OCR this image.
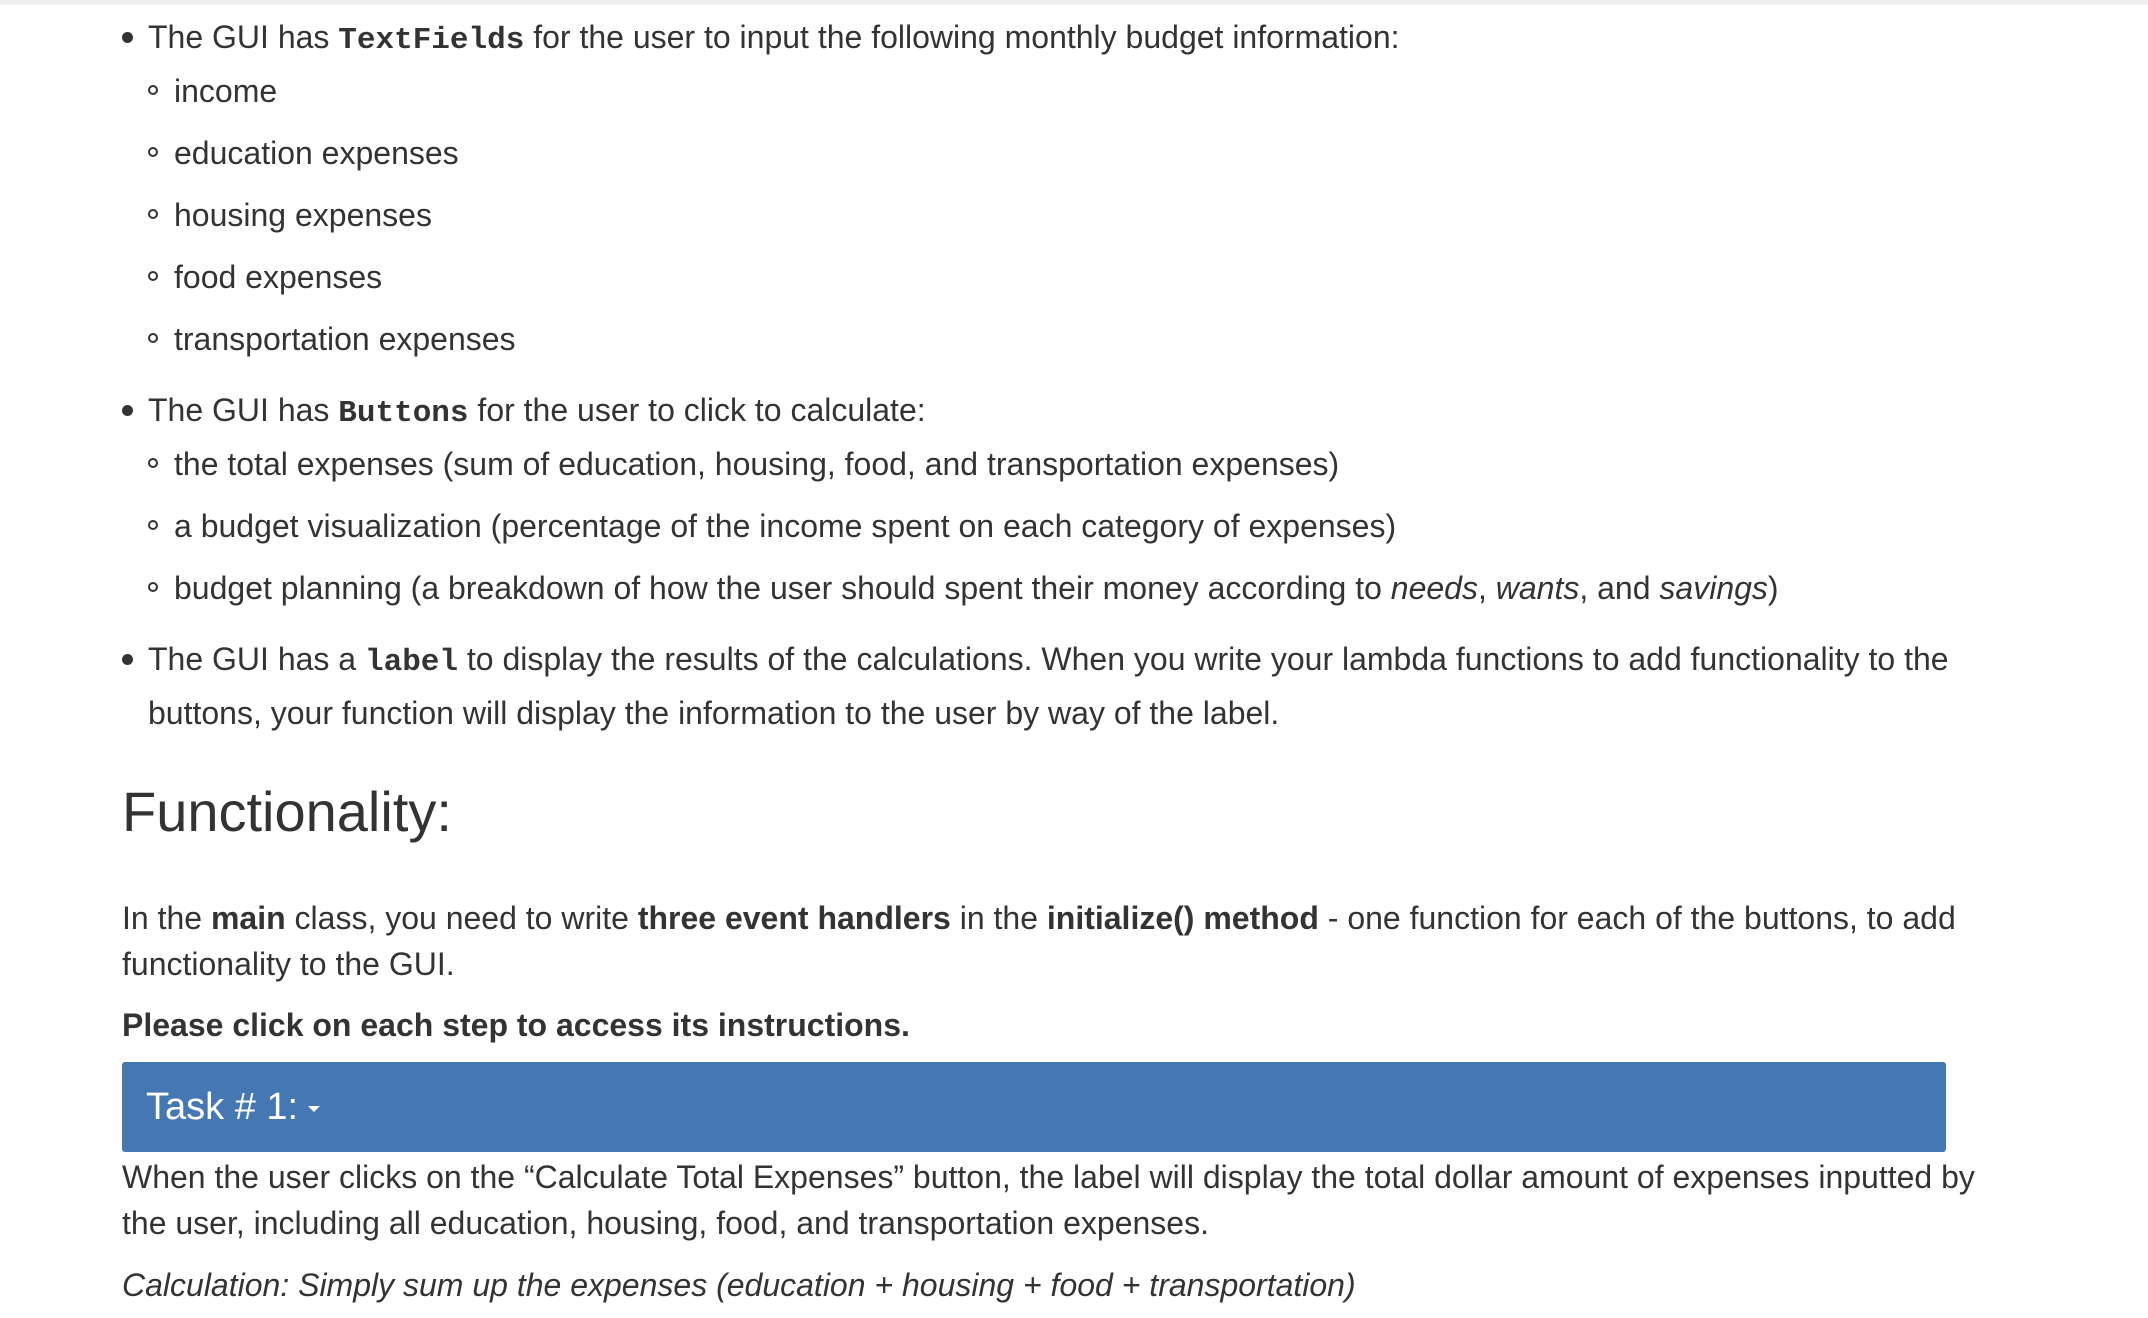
The GUI has TextFields for the user to input the following monthly budget information:
income
education expenses
housing expenses
food expenses
transportation expenses
The GUI has Buttons for the user to click to calculate:
the total expenses (sum of education, housing, food, and transportation expenses)
a budget visualization (percentage of the income spent on each category of expenses)
budget planning (a breakdown of how the user should spent their money according to needs, wants, and savings)
The GUI has a label to display the results of the calculations. When you write your lambda functions to add functionality to the buttons, your function will display the information to the user by way of the label.
Functionality:

In the main class, you need to write three event handlers in the initialize() method - one function for each of the buttons, to add functionality to the GUI.

Please click on each step to access its instructions.

Task # 1:

When the user clicks on the “Calculate Total Expenses” button, the label will display the total dollar amount of expenses inputted by the user, including all education, housing, food, and transportation expenses.

Calculation: Simply sum up the expenses (education + housing + food + transportation)
